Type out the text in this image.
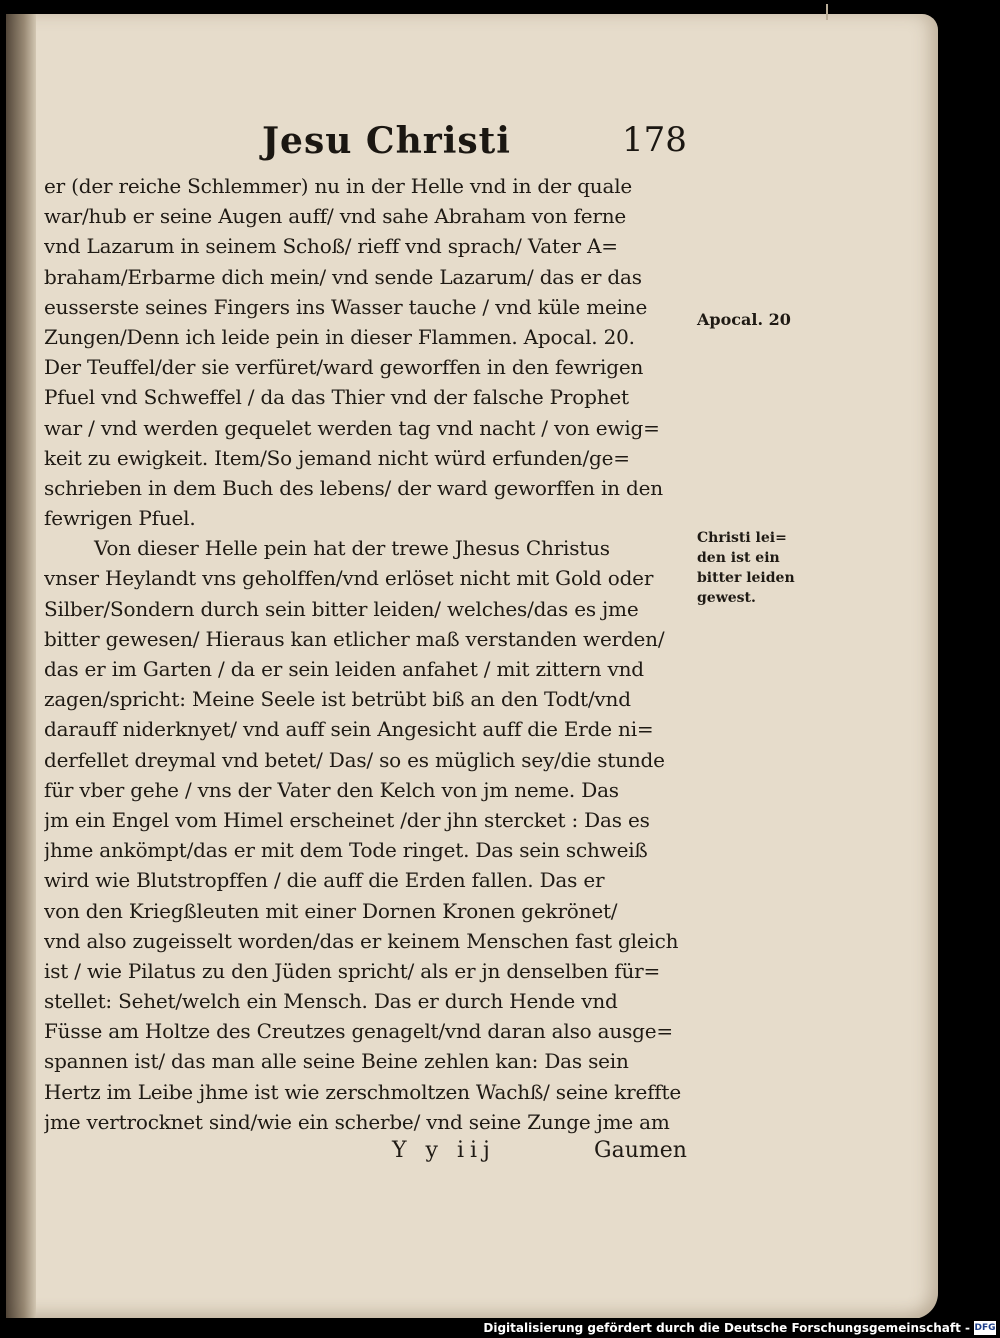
Jesu Christi	178
er (der reiche Schlemmer) nu in der Helle vnd in der quale
war/hub er seine Augen auff/ vnd sahe Abraham von ferne
vnd Lazarum in seinem Schoß/ rieff vnd sprach/ Vater A=
braham/Erbarme dich mein/ vnd sende Lazarum/ das er das
eusserste seines Fingers ins Wasser tauche / vnd küle meine
Zungen/Denn ich leide pein in dieser Flammen. Apocal. 20.
Der Teuffel/der sie verfüret/ward geworffen in den fewrigen
Pfuel vnd Schweffel / da das Thier vnd der falsche Prophet
war / vnd werden gequelet werden tag vnd nacht / von ewig=
keit zu ewigkeit. Item/So jemand nicht würd erfunden/ge=
schrieben in dem Buch des lebens/ der ward geworffen in den
fewrigen Pfuel.
Von dieser Helle pein hat der trewe Jhesus Christus
vnser Heylandt vns geholffen/vnd erlöset nicht mit Gold oder
Silber/Sondern durch sein bitter leiden/ welches/das es jme
bitter gewesen/ Hieraus kan etlicher maß verstanden werden/
das er im Garten / da er sein leiden anfahet / mit zittern vnd
zagen/spricht: Meine Seele ist betrübt biß an den Todt/vnd
darauff niderknyet/ vnd auff sein Angesicht auff die Erde ni=
derfellet dreymal vnd betet/ Das/ so es müglich sey/die stunde
für vber gehe / vns der Vater den Kelch von jm neme. Das
jm ein Engel vom Himel erscheinet /der jhn stercket : Das es
jhme ankömpt/das er mit dem Tode ringet. Das sein schweiß
wird wie Blutstropffen / die auff die Erden fallen. Das er
von den Kriegßleuten mit einer Dornen Kronen gekrönet/
vnd also zugeisselt worden/das er keinem Menschen fast gleich
ist / wie Pilatus zu den Jüden spricht/ als er jn denselben für=
stellet: Sehet/welch ein Mensch. Das er durch Hende vnd
Füsse am Holtze des Creutzes genagelt/vnd daran also ausge=
spannen ist/ das man alle seine Beine zehlen kan: Das sein
Hertz im Leibe jhme ist wie zerschmoltzen Wachß/ seine kreffte
jme vertrocknet sind/wie ein scherbe/ vnd seine Zunge jme am
Apocal. 20
Christi lei=
den ist ein
bitter leiden
gewest.
Y y iij	Gaumen
Digitalisierung gefördert durch die Deutsche Forschungsgemeinschaft - DFG
